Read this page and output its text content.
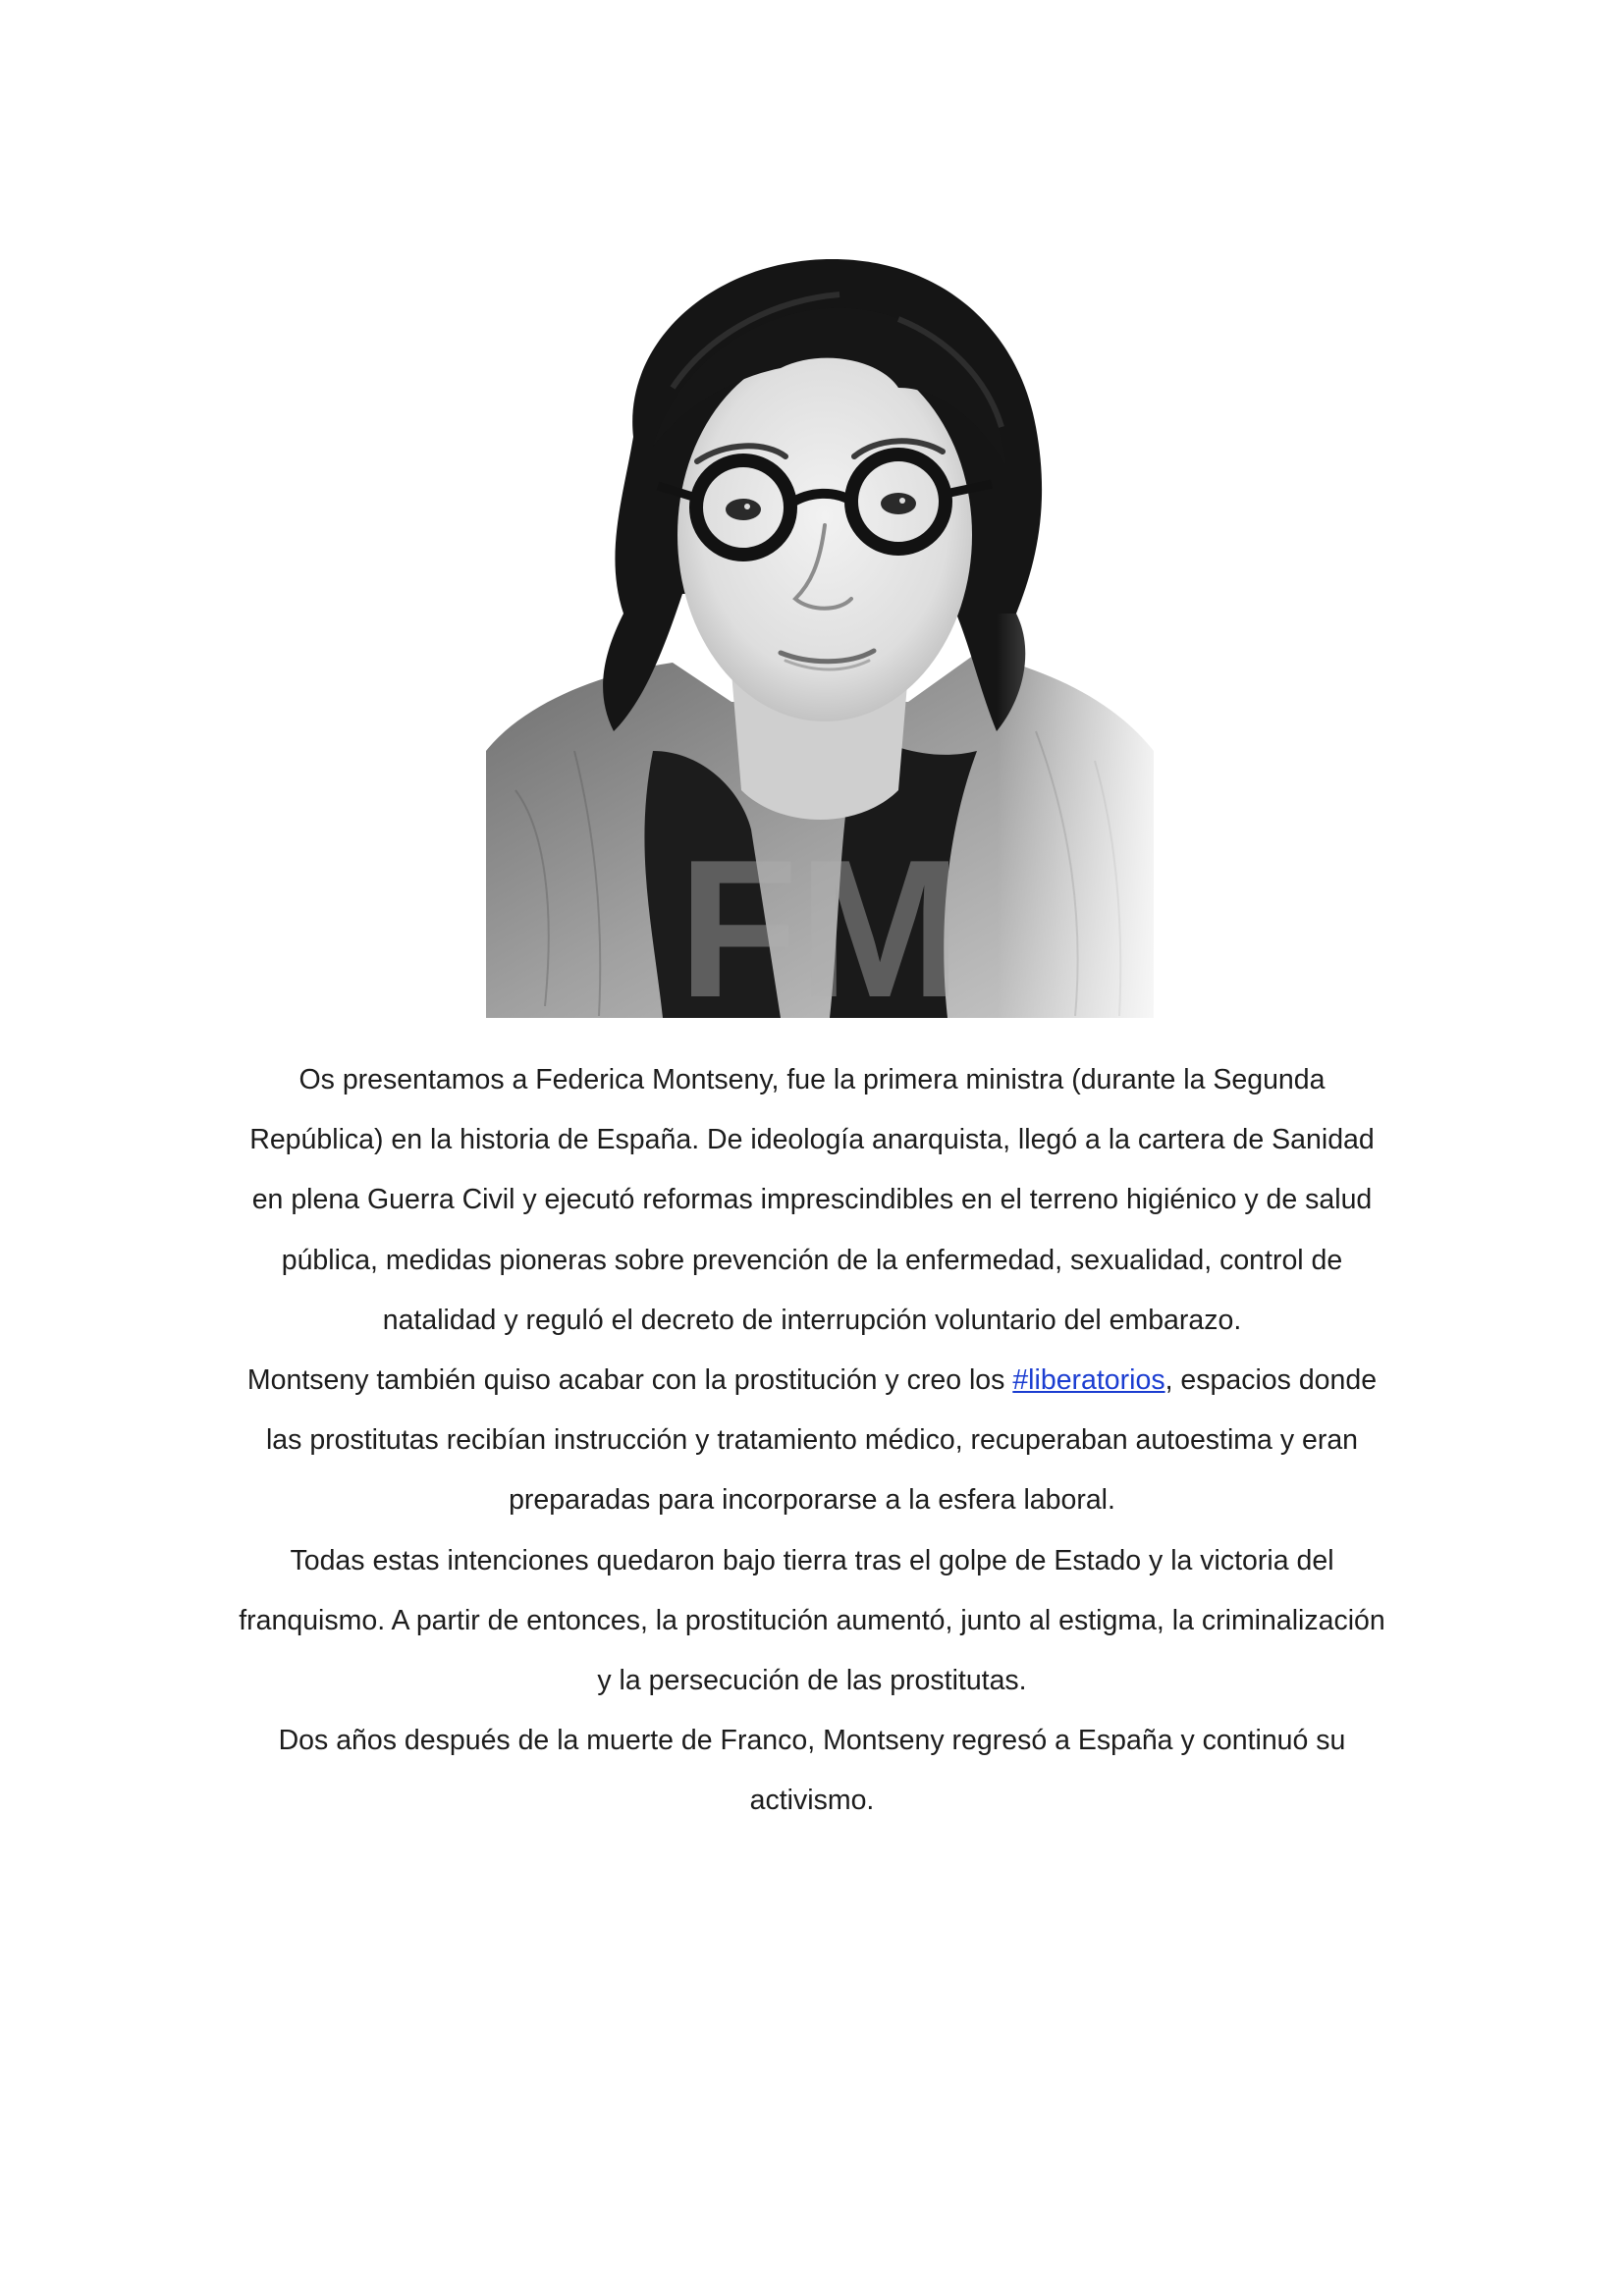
FM

Os presentamos a Federica Montseny, fue la primera ministra (durante la Segunda República) en la historia de España. De ideología anarquista, llegó a la cartera de Sanidad en plena Guerra Civil y ejecutó reformas imprescindibles en el terreno higiénico y de salud pública, medidas pioneras sobre prevención de la enfermedad, sexualidad, control de natalidad y reguló el decreto de interrupción voluntario del embarazo.

Montseny también quiso acabar con la prostitución y creo los #liberatorios, espacios donde las prostitutas recibían instrucción y tratamiento médico, recuperaban autoestima y eran preparadas para incorporarse a la esfera laboral.

Todas estas intenciones quedaron bajo tierra tras el golpe de Estado y la victoria del franquismo. A partir de entonces, la prostitución aumentó, junto al estigma, la criminalización y la persecución de las prostitutas.

Dos años después de la muerte de Franco, Montseny regresó a España y continuó su activismo.
